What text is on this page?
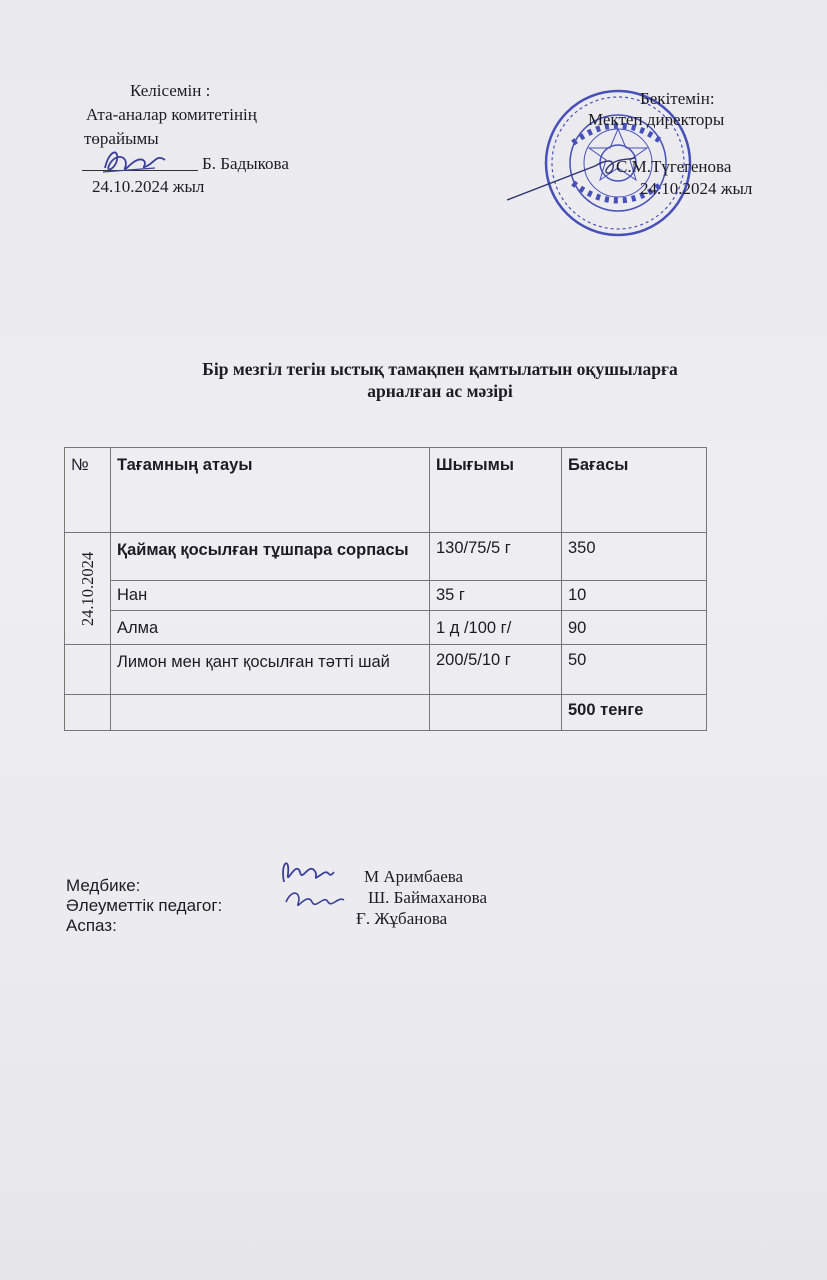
Келісемін :
Ата-аналар комитетінің
төрайымы
Б. Бадыкова
24.10.2024 жыл
Бекітемін:
Мектеп директоры
С.М.Түгегенова
24.10.2024 жыл
Бір мезгіл тегін ыстық тамақпен қамтылатын оқушыларға
арналған ас мәзірі
№	Тағамның атауы	Шығымы	Бағасы

24.10.2024	Қаймақ қосылған тұшпара сорпасы	130/75/5 г	350
	Нан	35 г	10
	Алма	1 д /100 г/	90
	Лимон мен қант қосылған тәтті шай	200/5/10 г	50
			500 тенге
Медбике:
Әлеуметтік педагог:
Аспаз:
М Аримбаева
Ш. Баймаханова
Ғ. Жұбанова
